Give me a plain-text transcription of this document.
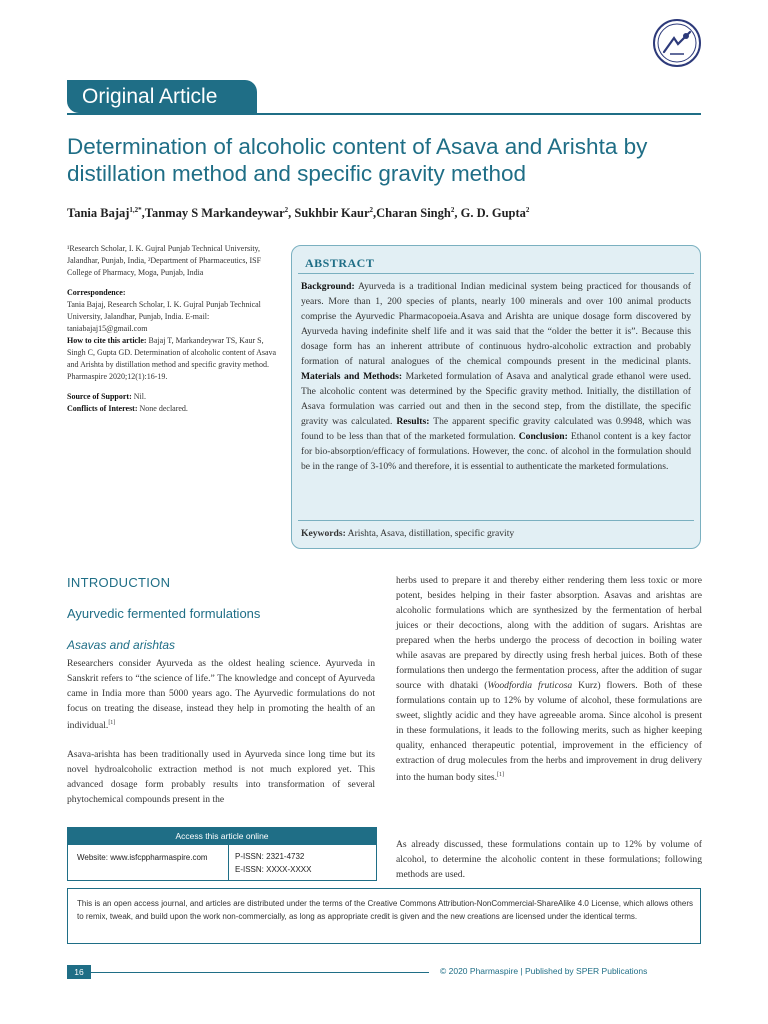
Original Article
Determination of alcoholic content of Asava and Arishta by distillation method and specific gravity method
Tania Bajaj$^{1,2*}$,Tanmay S Markandeywar$^2$, Sukhbir Kaur$^2$,Charan Singh$^2$, G. D. Gupta$^2$

¹Research Scholar, I. K. Gujral Punjab Technical University, Jalandhar, Punjab, India, ²Department of Pharmaceutics, ISF College of Pharmacy, Moga, Punjab, India

Correspondence:
Tania Bajaj, Research Scholar, I. K. Gujral Punjab Technical University, Jalandhar, Punjab, India. E-mail: taniabajaj15@gmail.com

How to cite this article: Bajaj T, Markandeywar TS, Kaur S, Singh C, Gupta GD. Determination of alcoholic content of Asava and Arishta by distillation method and specific gravity method. Pharmaspire 2020;12(1):16-19.

Source of Support: Nil.
Conflicts of Interest: None declared.

ABSTRACT
Background: Ayurveda is a traditional Indian medicinal system being practiced for thousands of years. More than 1, 200 species of plants, nearly 100 minerals and over 100 animal products comprise the Ayurvedic Pharmacopoeia.Asava and Arishta are unique dosage form discovered by Ayurveda having indefinite shelf life and it was said that the “older the better it is”. Because this dosage form has an inherent attribute of continuous hydro-alcoholic extraction and probably formation of natural analogues of the chemical compounds present in the medicinal plants. Materials and Methods: Marketed formulation of Asava and analytical grade ethanol were used. The alcoholic content was determined by the Specific gravity method. Initially, the distillation of Asava formulation was carried out and then in the second step, from the distillate, the specific gravity was calculated. Results: The apparent specific gravity calculated was 0.9948, which was found to be less than that of the marketed formulation. Conclusion: Ethanol content is a key factor for bio-absorption/efficacy of formulations. However, the conc. of alcohol in the formulation should be in the range of 3-10% and therefore, it is essential to authenticate the marketed formulations.
Keywords: Arishta, Asava, distillation, specific gravity
INTRODUCTION
Ayurvedic fermented formulations
Asavas and arishtas
Researchers consider Ayurveda as the oldest healing science. Ayurveda in Sanskrit refers to “the science of life.” The knowledge and concept of Ayurveda came in India more than 5000 years ago. The Ayurvedic formulations do not focus on treating the disease, instead they help in promoting the health of an individual.[1]
Asava-arishta has been traditionally used in Ayurveda since long time but its novel hydroalcoholic extraction method is not much explored yet. This advanced dosage form probably results into transformation of several phytochemical compounds present in the
herbs used to prepare it and thereby either rendering them less toxic or more potent, besides helping in their faster absorption. Asavas and arishtas are alcoholic formulations which are synthesized by the fermentation of herbal juices or their decoctions, along with the addition of sugars. Arishtas are prepared when the herbs undergo the process of decoction in boiling water while asavas are prepared by directly using fresh herbal juices. Both of these formulations then undergo the fermentation process, after the addition of sugar source with dhataki (Woodfordia fruticosa Kurz) flowers. Both of these formulations contain up to 12% by volume of alcohol, these formulations are sweet, slightly acidic and they have agreeable aroma. Since alcohol is present in these formulations, it leads to the following merits, such as higher keeping quality, enhanced therapeutic potential, improvement in the efficiency of extraction of drug molecules from the herbs and improvement in drug delivery into the human body sites.[1]
As already discussed, these formulations contain up to 12% by volume of alcohol, to determine the alcoholic content in these formulations; following methods are used.
Access this article online
Website: www.isfcppharmaspire.com	P-ISSN: 2321-4732
E-ISSN: XXXX-XXXX
This is an open access journal, and articles are distributed under the terms of the Creative Commons Attribution-NonCommercial-ShareAlike 4.0 License, which allows others to remix, tweak, and build upon the work non-commercially, as long as appropriate credit is given and the new creations are licensed under the identical terms.
16	© 2020 Pharmaspire | Published by SPER Publications
